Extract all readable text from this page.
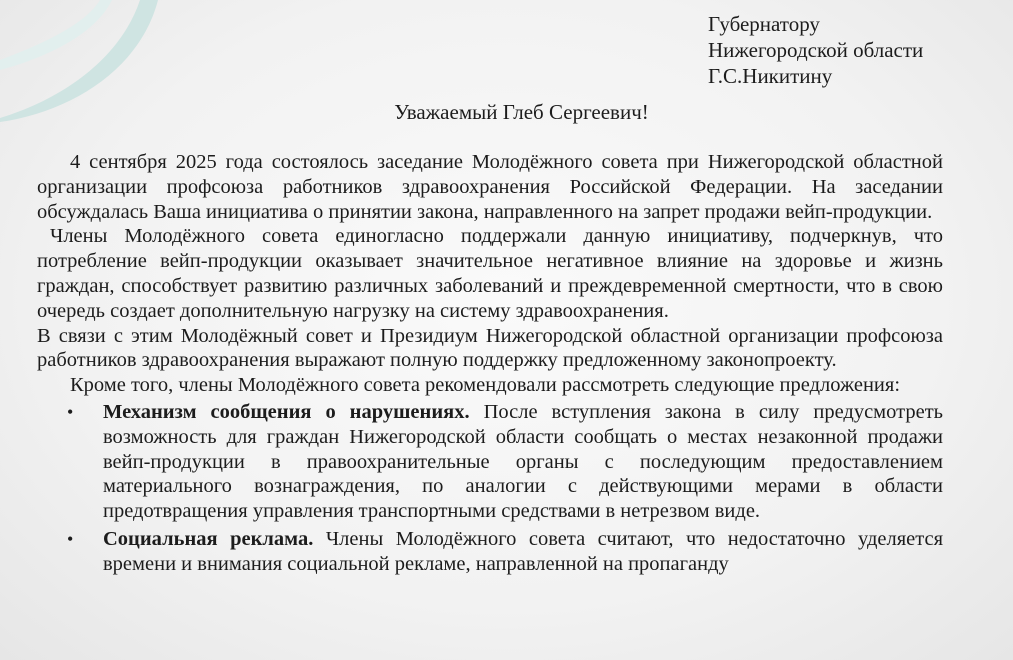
Губернатору
Нижегородской области
Г.С.Никитину
Уважаемый Глеб Сергеевич!

4 сентября 2025 года состоялось заседание Молодёжного совета при Нижегородской областной организации профсоюза работников здравоохранения Российской Федерации. На заседании обсуждалась Ваша инициатива о принятии закона, направленного на запрет продажи вейп-продукции.

Члены Молодёжного совета единогласно поддержали данную инициативу, подчеркнув, что потребление вейп-продукции оказывает значительное негативное влияние на здоровье и жизнь граждан, способствует развитию различных заболеваний и преждевременной смертности, что в свою очередь создает дополнительную нагрузку на систему здравоохранения.

В связи с этим Молодёжный совет и Президиум Нижегородской областной организации профсоюза работников здравоохранения выражают полную поддержку предложенному законопроекту.

Кроме того, члены Молодёжного совета рекомендовали рассмотреть следующие предложения:

• Механизм сообщения о нарушениях. После вступления закона в силу предусмотреть возможность для граждан Нижегородской области сообщать о местах незаконной продажи вейп-продукции в правоохранительные органы с последующим предоставлением материального вознаграждения, по аналогии с действующими мерами в области предотвращения управления транспортными средствами в нетрезвом виде.
• Социальная реклама. Члены Молодёжного совета считают, что недостаточно уделяется времени и внимания социальной рекламе, направленной на пропаганду
